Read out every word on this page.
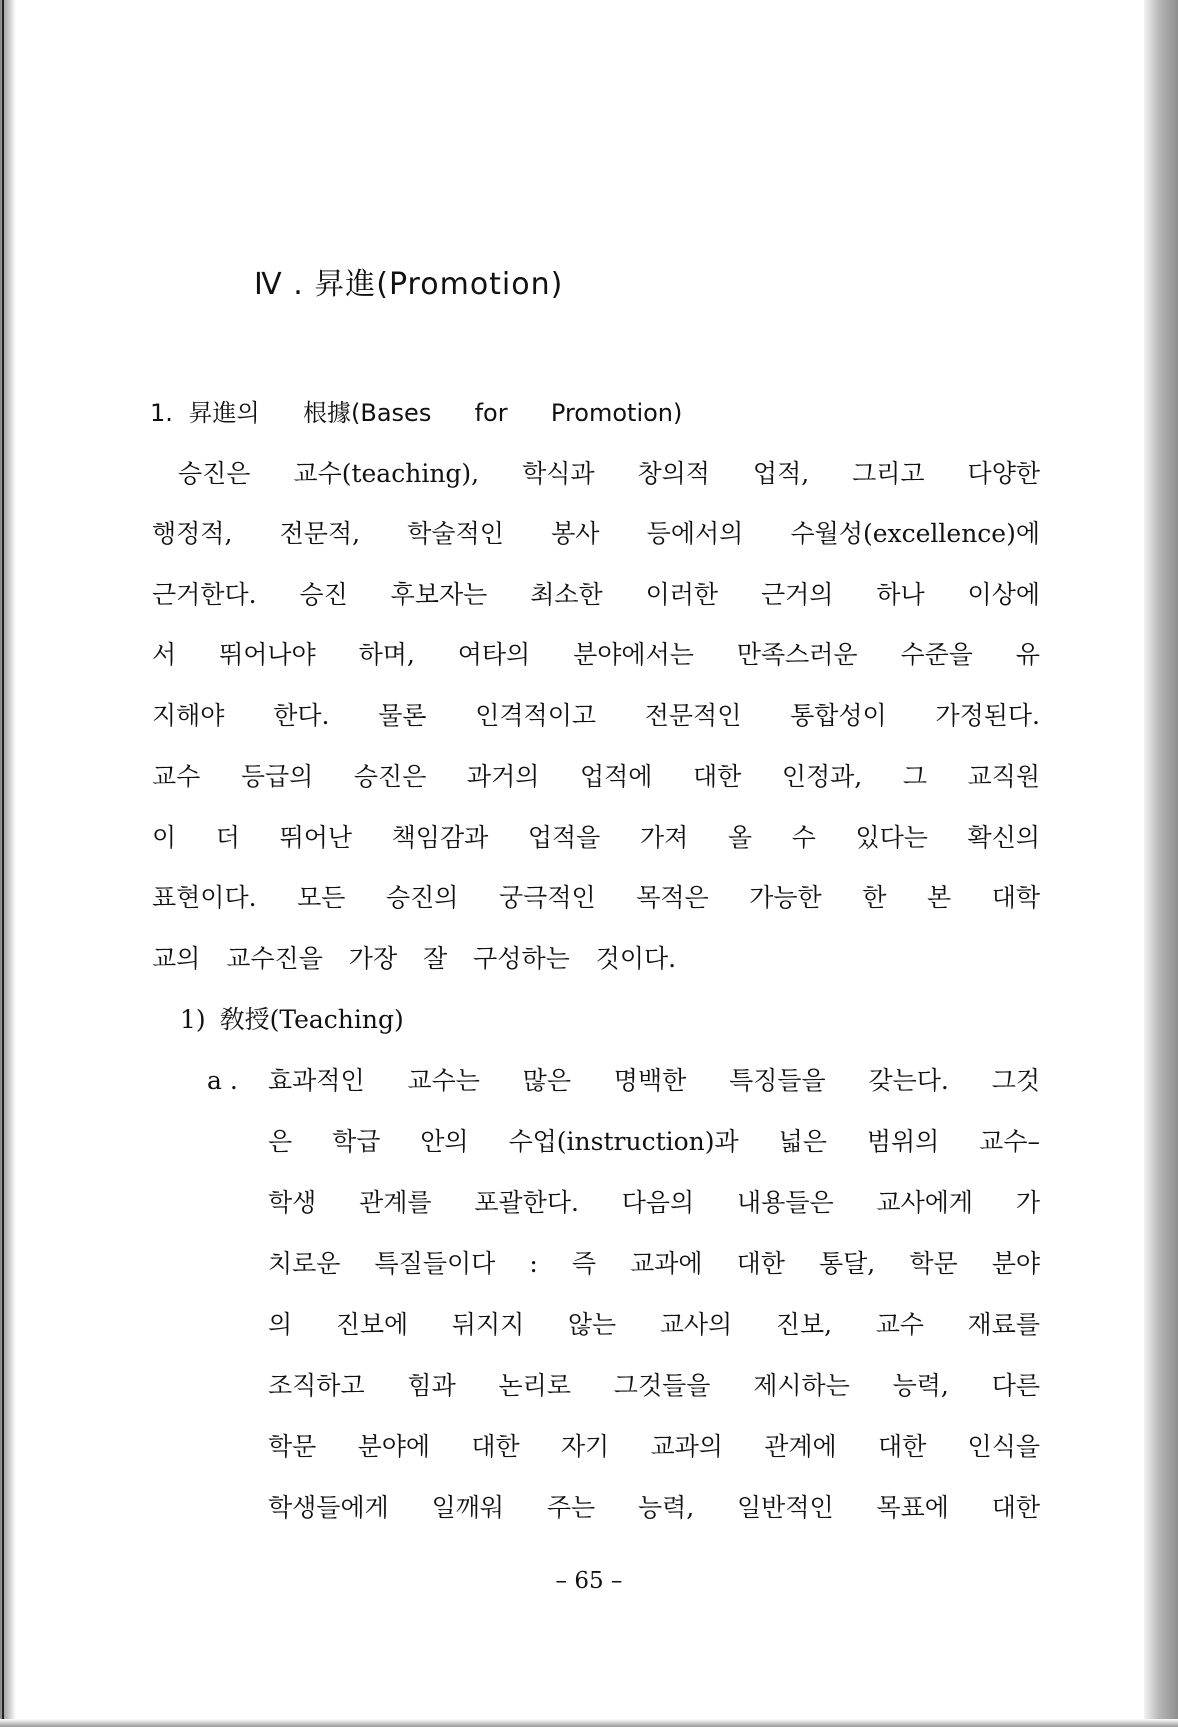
Ⅳ . 昇進(Promotion)
1. 昇進의 根據(Bases for Promotion)
승진은 교수(teaching), 학식과 창의적 업적, 그리고 다양한
행정적, 전문적, 학술적인 봉사 등에서의 수월성(excellence)에
근거한다. 승진 후보자는 최소한 이러한 근거의 하나 이상에
서 뛰어나야 하며, 여타의 분야에서는 만족스러운 수준을 유
지해야 한다. 물론 인격적이고 전문적인 통합성이 가정된다.
교수 등급의 승진은 과거의 업적에 대한 인정과, 그 교직원
이 더 뛰어난 책임감과 업적을 가져 올 수 있다는 확신의
표현이다. 모든 승진의 궁극적인 목적은 가능한 한 본 대학
교의 교수진을 가장 잘 구성하는 것이다.
1) 敎授(Teaching)
a . 효과적인 교수는 많은 명백한 특징들을 갖는다. 그것
은 학급 안의 수업(instruction)과 넓은 범위의 교수–
학생 관계를 포괄한다. 다음의 내용들은 교사에게 가
치로운 특질들이다 : 즉 교과에 대한 통달, 학문 분야
의 진보에 뒤지지 않는 교사의 진보, 교수 재료를
조직하고 힘과 논리로 그것들을 제시하는 능력, 다른
학문 분야에 대한 자기 교과의 관계에 대한 인식을
학생들에게 일깨워 주는 능력, 일반적인 목표에 대한
– 65 –
